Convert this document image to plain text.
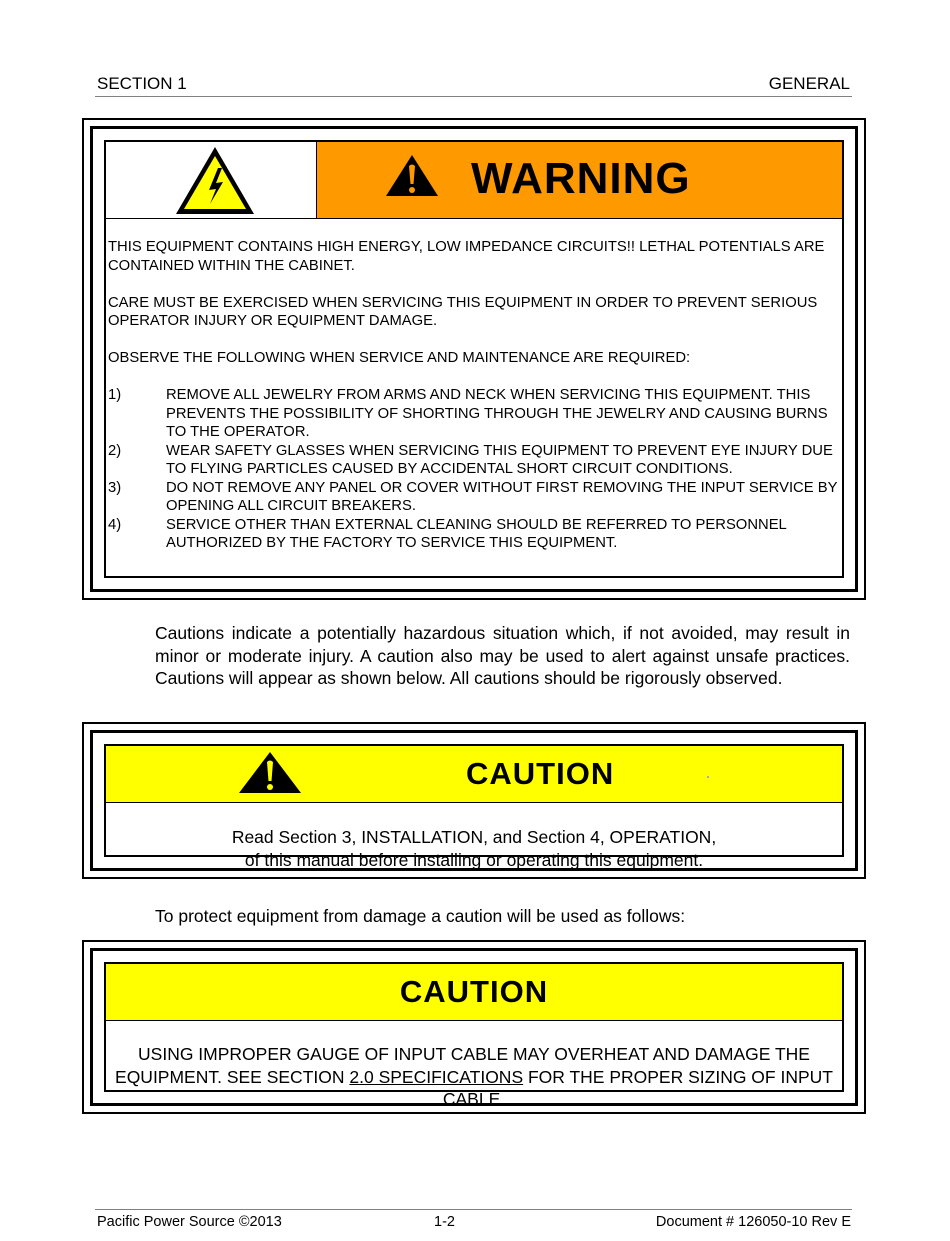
SECTION 1	GENERAL
WARNING

THIS EQUIPMENT CONTAINS HIGH ENERGY, LOW IMPEDANCE CIRCUITS!! LETHAL POTENTIALS ARE CONTAINED WITHIN THE CABINET.

CARE MUST BE EXERCISED WHEN SERVICING THIS EQUIPMENT IN ORDER TO PREVENT SERIOUS OPERATOR INJURY OR EQUIPMENT DAMAGE.

OBSERVE THE FOLLOWING WHEN SERVICE AND MAINTENANCE ARE REQUIRED:

1)	REMOVE ALL JEWELRY FROM ARMS AND NECK WHEN SERVICING THIS EQUIPMENT. THIS PREVENTS THE POSSIBILITY OF SHORTING THROUGH THE JEWELRY AND CAUSING BURNS TO THE OPERATOR.
2)	WEAR SAFETY GLASSES WHEN SERVICING THIS EQUIPMENT TO PREVENT EYE INJURY DUE TO FLYING PARTICLES CAUSED BY ACCIDENTAL SHORT CIRCUIT CONDITIONS.
3)	DO NOT REMOVE ANY PANEL OR COVER WITHOUT FIRST REMOVING THE INPUT SERVICE BY OPENING ALL CIRCUIT BREAKERS.
4)	SERVICE OTHER THAN EXTERNAL CLEANING SHOULD BE REFERRED TO PERSONNEL AUTHORIZED BY THE FACTORY TO SERVICE THIS EQUIPMENT.
Cautions indicate a potentially hazardous situation which, if not avoided, may result in minor or moderate injury. A caution also may be used to alert against unsafe practices. Cautions will appear as shown below. All cautions should be rigorously observed.
CAUTION
Read Section 3, INSTALLATION, and Section 4, OPERATION,
of this manual before installing or operating this equipment.
To protect equipment from damage a caution will be used as follows:
CAUTION
USING IMPROPER GAUGE OF INPUT CABLE MAY OVERHEAT AND DAMAGE THE EQUIPMENT. SEE SECTION 2.0 SPECIFICATIONS FOR THE PROPER SIZING OF INPUT CABLE.
Pacific Power Source ©2013	1-2	Document # 126050-10 Rev E
